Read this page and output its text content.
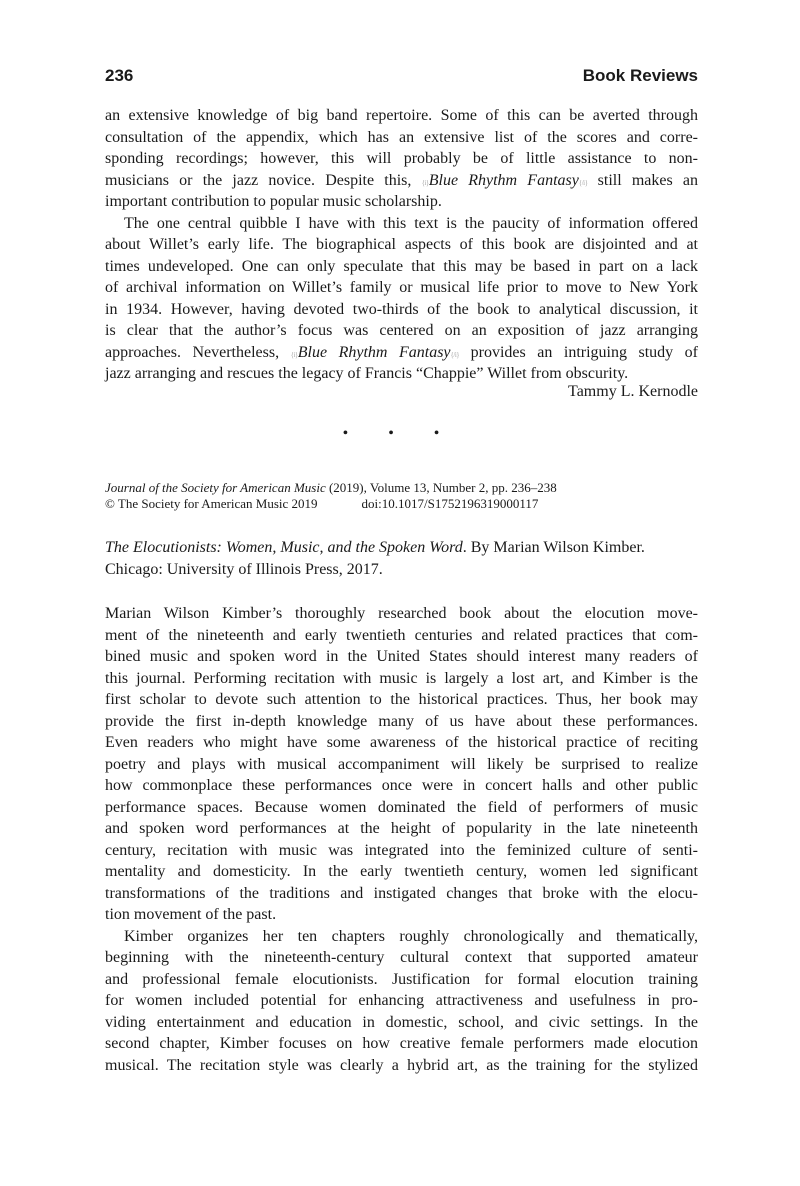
236	Book Reviews
an extensive knowledge of big band repertoire. Some of this can be averted through
consultation of the appendix, which has an extensive list of the scores and corre-
sponding recordings; however, this will probably be of little assistance to non-
musicians or the jazz novice. Despite this, {i}Blue Rhythm Fantasy{/i} still makes an
important contribution to popular music scholarship.
The one central quibble I have with this text is the paucity of information offered
about Willet’s early life. The biographical aspects of this book are disjointed and at
times undeveloped. One can only speculate that this may be based in part on a lack
of archival information on Willet’s family or musical life prior to move to New York
in 1934. However, having devoted two-thirds of the book to analytical discussion, it
is clear that the author’s focus was centered on an exposition of jazz arranging
approaches. Nevertheless, {i}Blue Rhythm Fantasy{/i} provides an intriguing study of
jazz arranging and rescues the legacy of Francis “Chappie” Willet from obscurity.
Tammy L. Kernodle
• • •
Journal of the Society for American Music (2019), Volume 13, Number 2, pp. 236–238
© The Society for American Music 2019	doi:10.1017/S1752196319000117
The Elocutionists: Women, Music, and the Spoken Word. By Marian Wilson Kimber.
Chicago: University of Illinois Press, 2017.
Marian Wilson Kimber’s thoroughly researched book about the elocution move-
ment of the nineteenth and early twentieth centuries and related practices that com-
bined music and spoken word in the United States should interest many readers of
this journal. Performing recitation with music is largely a lost art, and Kimber is the
first scholar to devote such attention to the historical practices. Thus, her book may
provide the first in-depth knowledge many of us have about these performances.
Even readers who might have some awareness of the historical practice of reciting
poetry and plays with musical accompaniment will likely be surprised to realize
how commonplace these performances once were in concert halls and other public
performance spaces. Because women dominated the field of performers of music
and spoken word performances at the height of popularity in the late nineteenth
century, recitation with music was integrated into the feminized culture of senti-
mentality and domesticity. In the early twentieth century, women led significant
transformations of the traditions and instigated changes that broke with the elocu-
tion movement of the past.
Kimber organizes her ten chapters roughly chronologically and thematically,
beginning with the nineteenth-century cultural context that supported amateur
and professional female elocutionists. Justification for formal elocution training
for women included potential for enhancing attractiveness and usefulness in pro-
viding entertainment and education in domestic, school, and civic settings. In the
second chapter, Kimber focuses on how creative female performers made elocution
musical. The recitation style was clearly a hybrid art, as the training for the stylized
